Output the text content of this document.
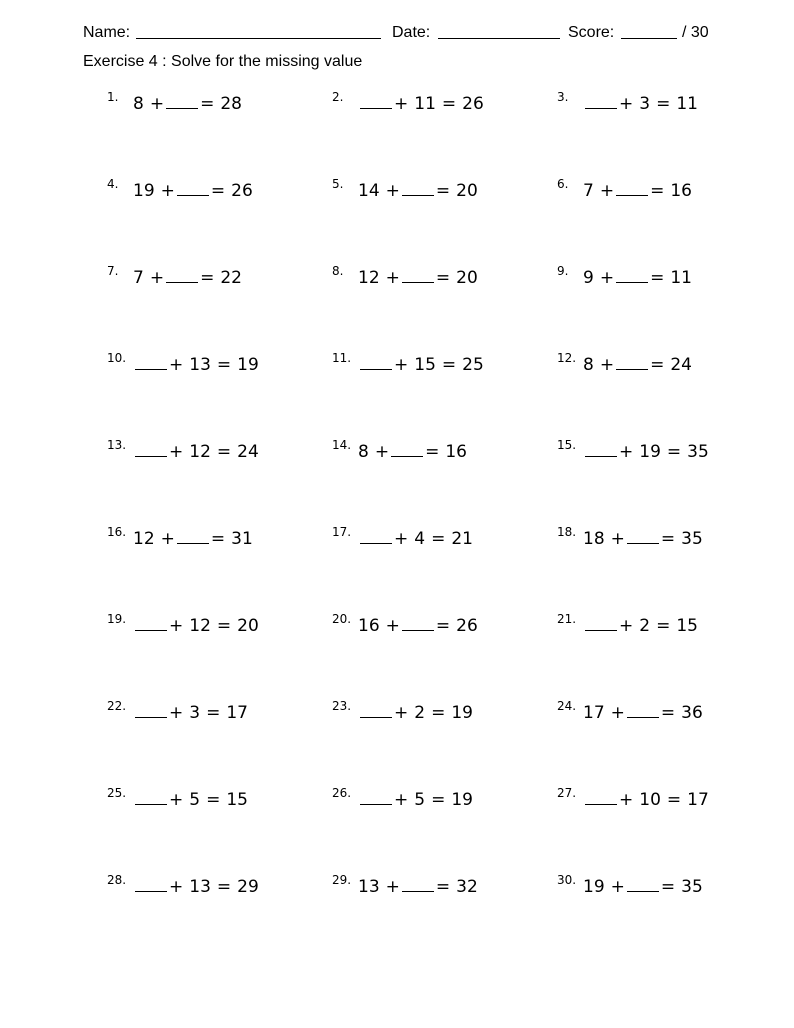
Name:	Date:	Score:	/ 30
Exercise 4 : Solve for the missing value
1. 8 + = 28	2.	+ 11 = 26	3.	+ 3 = 11
4. 19 + = 26	5. 14 + = 20	6. 7 + = 16
7. 7 + = 22	8. 12 + = 20	9. 9 + = 11
10.	+ 13 = 19	11.	+ 15 = 25	12. 8 + = 24
13.	+ 12 = 24	14. 8 + = 16	15.	+ 19 = 35
16. 12 + = 31	17.	+ 4 = 21	18. 18 + = 35
19.	+ 12 = 20	20. 16 + = 26	21.	+ 2 = 15
22.	+ 3 = 17	23.	+ 2 = 19	24. 17 + = 36
25.	+ 5 = 15	26.	+ 5 = 19	27.	+ 10 = 17
28.	+ 13 = 29	29. 13 + = 32	30. 19 + = 35
